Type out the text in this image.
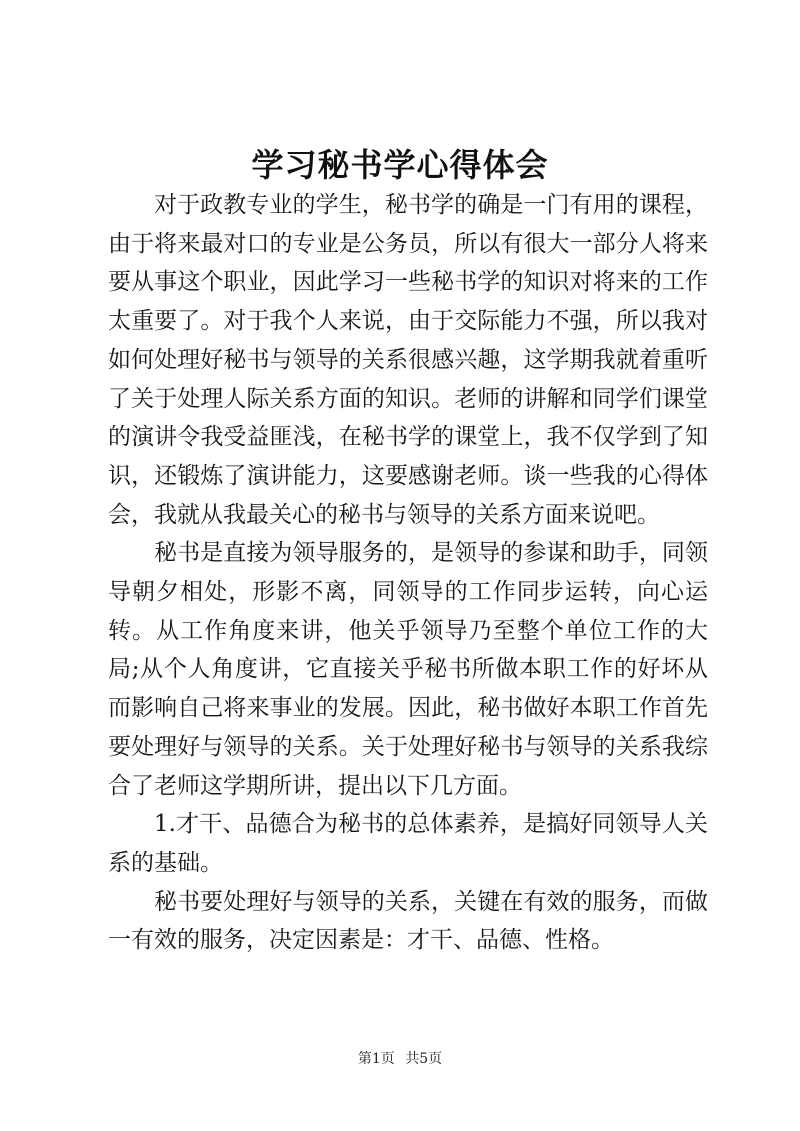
学习秘书学心得体会

对于政教专业的学生，秘书学的确是一门有用的课程，由于将来最对口的专业是公务员，所以有很大一部分人将来要从事这个职业，因此学习一些秘书学的知识对将来的工作太重要了。对于我个人来说，由于交际能力不强，所以我对如何处理好秘书与领导的关系很感兴趣，这学期我就着重听了关于处理人际关系方面的知识。老师的讲解和同学们课堂的演讲令我受益匪浅，在秘书学的课堂上，我不仅学到了知识，还锻炼了演讲能力，这要感谢老师。谈一些我的心得体会，我就从我最关心的秘书与领导的关系方面来说吧。

秘书是直接为领导服务的，是领导的参谋和助手，同领导朝夕相处，形影不离，同领导的工作同步运转，向心运转。从工作角度来讲，他关乎领导乃至整个单位工作的大局;从个人角度讲，它直接关乎秘书所做本职工作的好坏从而影响自己将来事业的发展。因此，秘书做好本职工作首先要处理好与领导的关系。关于处理好秘书与领导的关系我综合了老师这学期所讲，提出以下几方面。

1.才干、品德合为秘书的总体素养，是搞好同领导人关系的基础。

秘书要处理好与领导的关系，关键在有效的服务，而做一有效的服务，决定因素是：才干、品德、性格。

第1页 共5页
